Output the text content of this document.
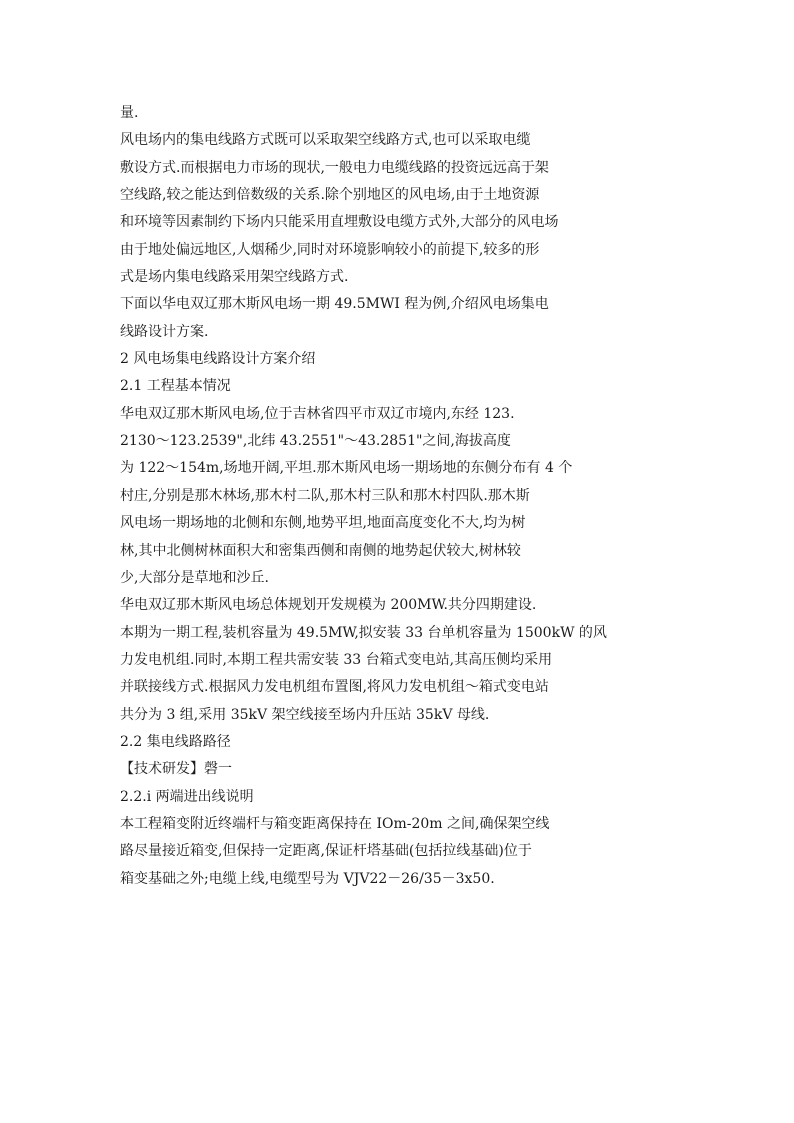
量.
风电场内的集电线路方式既可以采取架空线路方式,也可以采取电缆
敷设方式.而根据电力市场的现状,一般电力电缆线路的投资远远高于架
空线路,较之能达到倍数级的关系.除个别地区的风电场,由于土地资源
和环境等因素制约下场内只能采用直埋敷设电缆方式外,大部分的风电场
由于地处偏远地区,人烟稀少,同时对环境影响较小的前提下,较多的形
式是场内集电线路采用架空线路方式.
下面以华电双辽那木斯风电场一期 49.5MWI 程为例,介绍风电场集电
线路设计方案.
2 风电场集电线路设计方案介绍
2.1 工程基本情况
华电双辽那木斯风电场,位于吉林省四平市双辽市境内,东经 123.
2130～123.2539",北纬 43.2551"～43.2851"之间,海拔高度
为 122～154m,场地开阔,平坦.那木斯风电场一期场地的东侧分布有 4 个
村庄,分别是那木林场,那木村二队,那木村三队和那木村四队.那木斯
风电场一期场地的北侧和东侧,地势平坦,地面高度变化不大,均为树
林,其中北侧树林面积大和密集西侧和南侧的地势起伏较大,树林较
少,大部分是草地和沙丘.
华电双辽那木斯风电场总体规划开发规模为 200MW.共分四期建设.
本期为一期工程,装机容量为 49.5MW,拟安装 33 台单机容量为 1500kW 的风
力发电机组.同时,本期工程共需安装 33 台箱式变电站,其高压侧均采用
并联接线方式.根据风力发电机组布置图,将风力发电机组～箱式变电站
共分为 3 组,采用 35kV 架空线接至场内升压站 35kV 母线.
2.2 集电线路路径
【技术研发】磬一
2.2.i 两端进出线说明
本工程箱变附近终端杆与箱变距离保持在 IOm-20m 之间,确保架空线
路尽量接近箱变,但保持一定距离,保证杆塔基础(包括拉线基础)位于
箱变基础之外;电缆上线,电缆型号为 VJV22－26/35－3x50.
